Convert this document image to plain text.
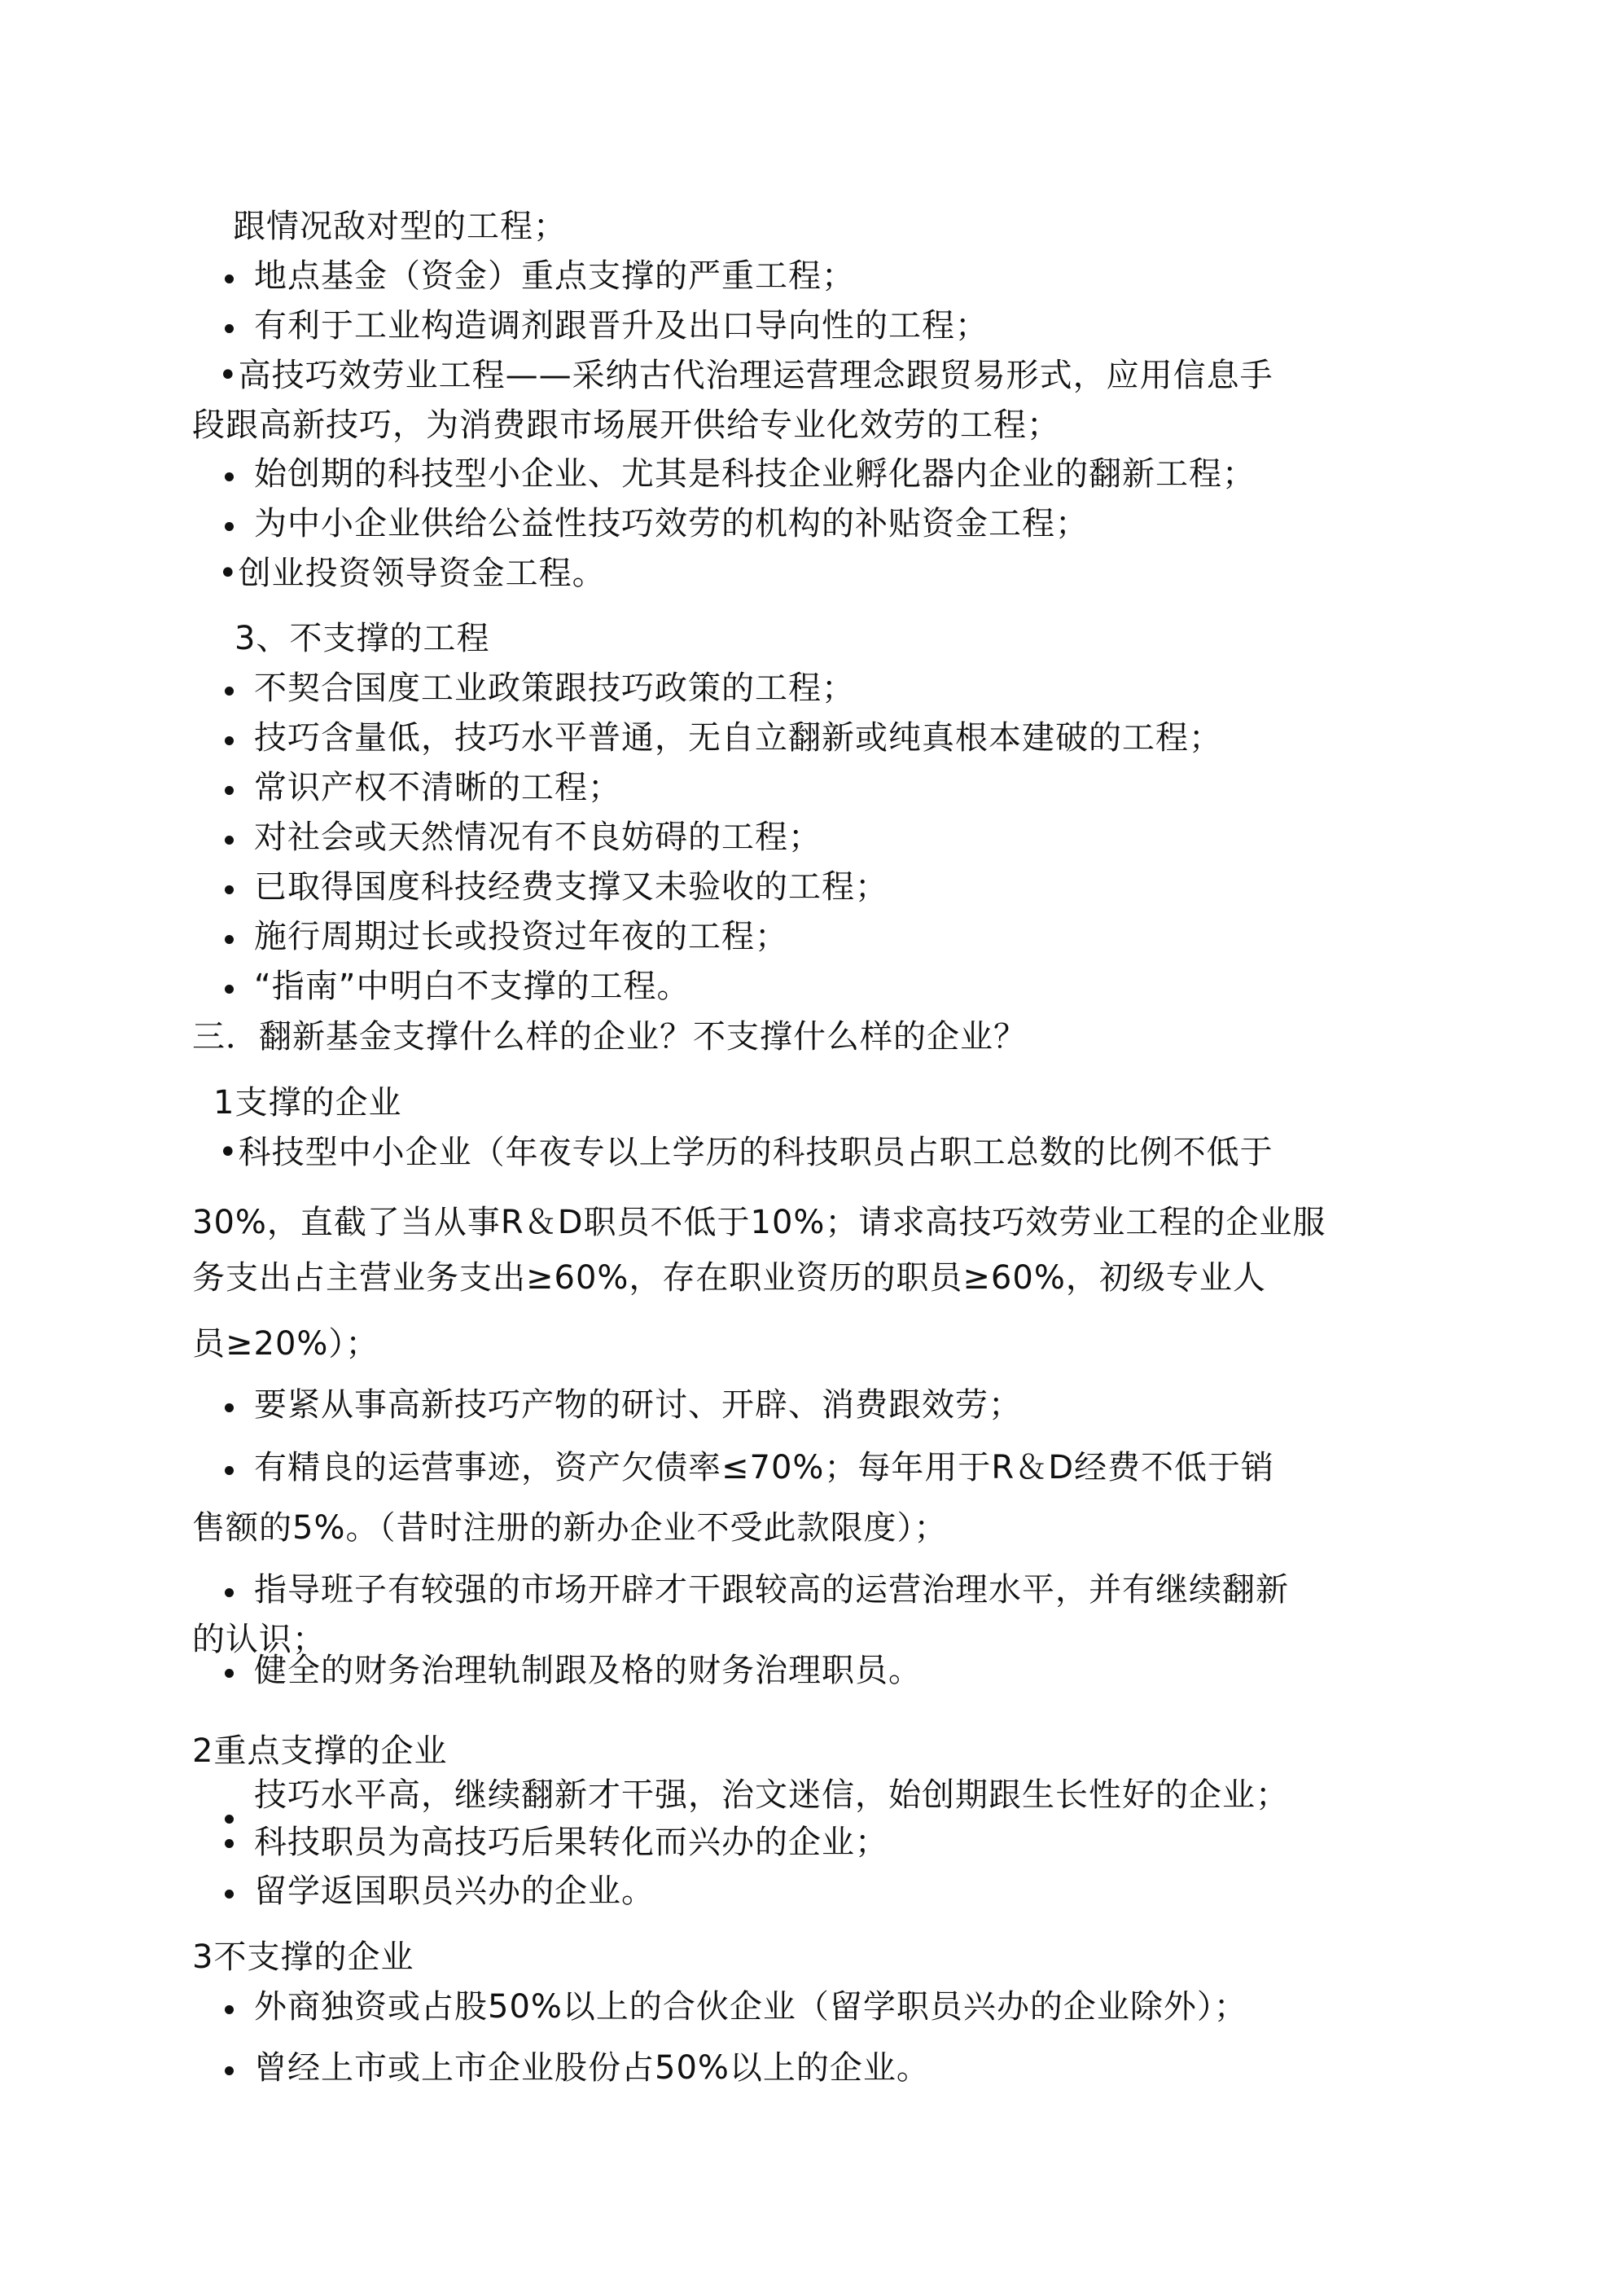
跟情况敌对型的工程；
地点基金（资金）重点支撑的严重工程；
有利于工业构造调剂跟晋升及出口导向性的工程；
•高技巧效劳业工程——采纳古代治理运营理念跟贸易形式，应用信息手
段跟高新技巧，为消费跟市场展开供给专业化效劳的工程；
始创期的科技型小企业、尤其是科技企业孵化器内企业的翻新工程；
为中小企业供给公益性技巧效劳的机构的补贴资金工程；
•创业投资领导资金工程。
3、不支撑的工程
不契合国度工业政策跟技巧政策的工程；
技巧含量低，技巧水平普通，无自立翻新或纯真根本建破的工程；
常识产权不清晰的工程；
对社会或天然情况有不良妨碍的工程；
已取得国度科技经费支撑又未验收的工程；
施行周期过长或投资过年夜的工程；
“指南”中明白不支撑的工程。
三．翻新基金支撑什么样的企业？不支撑什么样的企业？
1支撑的企业
•科技型中小企业（年夜专以上学历的科技职员占职工总数的比例不低于
30%，直截了当从事R＆D职员不低于10%；请求高技巧效劳业工程的企业服
务支出占主营业务支出≥60%，存在职业资历的职员≥60%，初级专业人
员≥20%）；
要紧从事高新技巧产物的研讨、开辟、消费跟效劳；
有精良的运营事迹，资产欠债率≤70%；每年用于R＆D经费不低于销
售额的5%。（昔时注册的新办企业不受此款限度）；
指导班子有较强的市场开辟才干跟较高的运营治理水平，并有继续翻新
的认识；
健全的财务治理轨制跟及格的财务治理职员。
2重点支撑的企业
技巧水平高，继续翻新才干强，治文迷信，始创期跟生长性好的企业；
科技职员为高技巧后果转化而兴办的企业；
留学返国职员兴办的企业。
3不支撑的企业
外商独资或占股50%以上的合伙企业（留学职员兴办的企业除外）；
曾经上市或上市企业股份占50%以上的企业。
